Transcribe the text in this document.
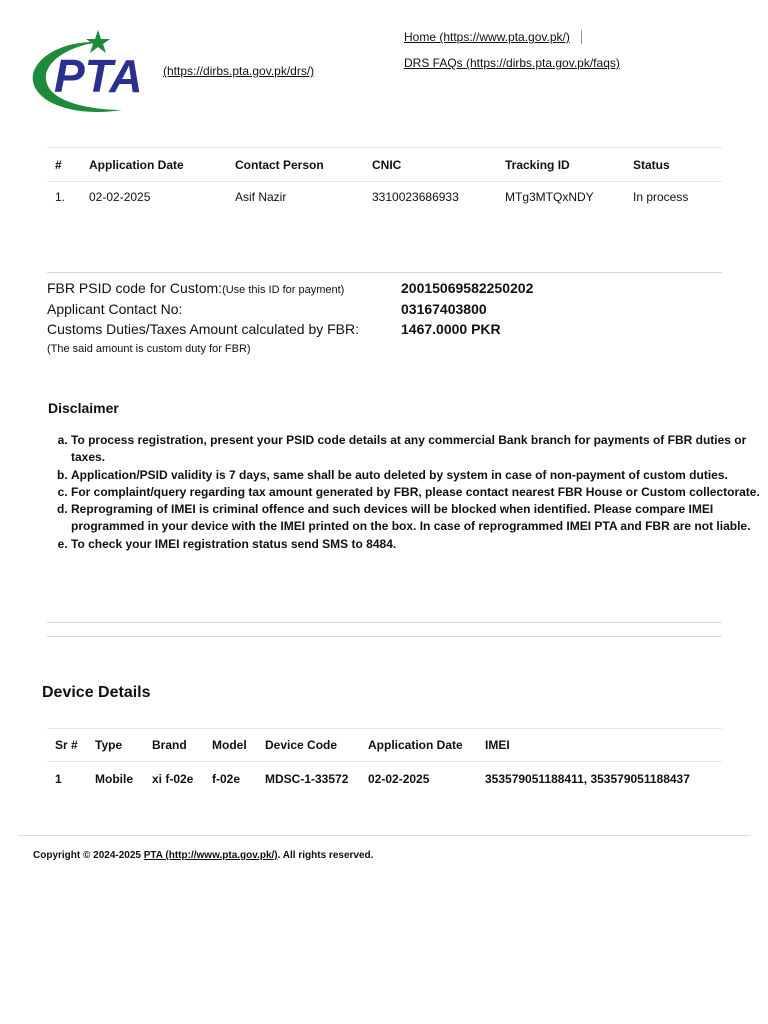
PTA (https://dirbs.pta.gov.pk/drs/)
Home (https://www.pta.gov.pk/)
DRS FAQs (https://dirbs.pta.gov.pk/faqs)
#	Application Date	Contact Person	CNIC	Tracking ID	Status
1.	02-02-2025	Asif Nazir	3310023686933	MTg3MTQxNDY	In process
FBR PSID code for Custom:(Use this ID for payment)	20015069582250202
Applicant Contact No:	03167403800
Customs Duties/Taxes Amount calculated by FBR:	1467.0000 PKR
(The said amount is custom duty for FBR)
Disclaimer
a. To process registration, present your PSID code details at any commercial Bank branch for payments of FBR duties or taxes.
b. Application/PSID validity is 7 days, same shall be auto deleted by system in case of non-payment of custom duties.
c. For complaint/query regarding tax amount generated by FBR, please contact nearest FBR House or Custom collectorate.
d. Reprograming of IMEI is criminal offence and such devices will be blocked when identified. Please compare IMEI programmed in your device with the IMEI printed on the box. In case of reprogrammed IMEI PTA and FBR are not liable.
e. To check your IMEI registration status send SMS to 8484.
Device Details
Sr #	Type	Brand	Model	Device Code	Application Date	IMEI
1	Mobile	xi f-02e	f-02e	MDSC-1-33572	02-02-2025	353579051188411, 353579051188437
Copyright © 2024-2025 PTA (http://www.pta.gov.pk/). All rights reserved.
